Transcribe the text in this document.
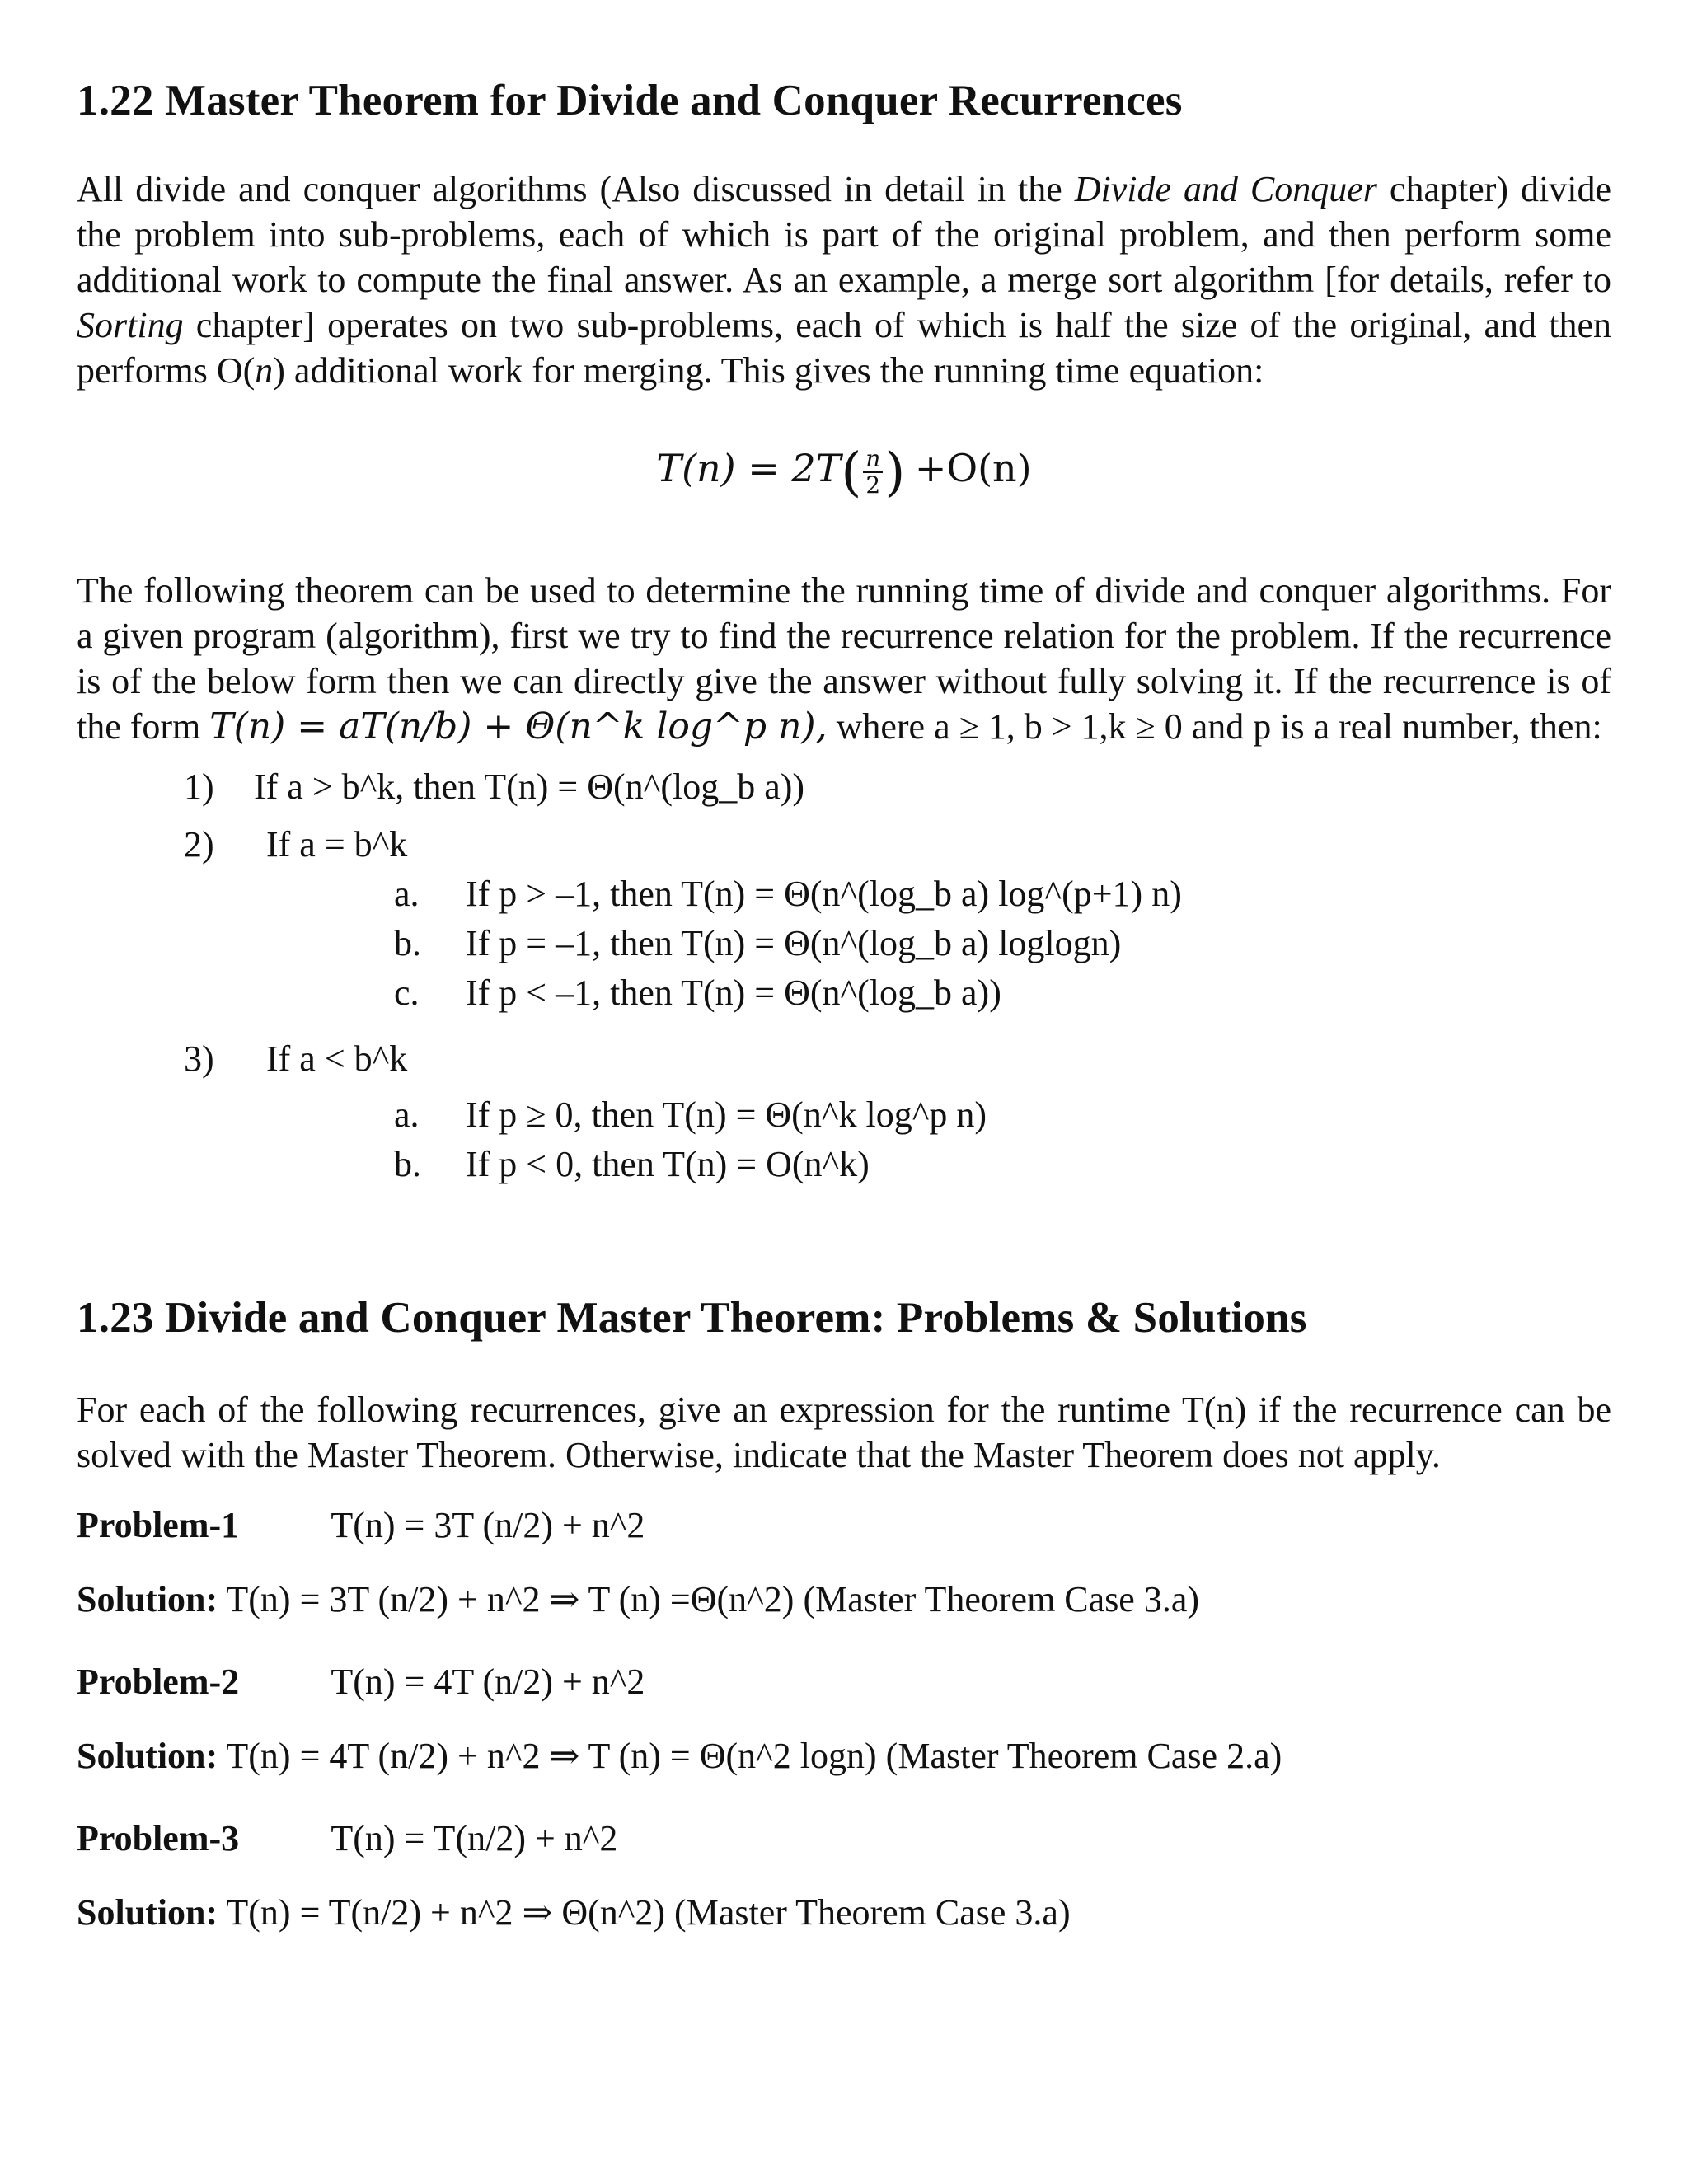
1.22 Master Theorem for Divide and Conquer Recurrences

All divide and conquer algorithms (Also discussed in detail in the Divide and Conquer chapter) divide the problem into sub-problems, each of which is part of the original problem, and then perform some additional work to compute the final answer. As an example, a merge sort algorithm [for details, refer to Sorting chapter] operates on two sub-problems, each of which is half the size of the original, and then performs O(n) additional work for merging. This gives the running time equation:

$T(n) = 2T( \frac{n}{2}$ ) +O(n)

The following theorem can be used to determine the running time of divide and conquer algorithms. For a given program (algorithm), first we try to find the recurrence relation for the problem. If the recurrence is of the below form then we can directly give the answer without fully solving it. If the recurrence is of the form T(n) = aT(n/b) + Θ(n^k log^p n), where a ≥ 1, b > 1,k ≥ 0 and p is a real number, then:

1) If a > b^k, then T(n) = Θ(n^(log_b a))
2) If a = b^k
a. If p > –1, then T(n) = Θ(n^(log_b a) log^(p+1) n)
b. If p = –1, then T(n) = Θ(n^(log_b a) loglogn)
c. If p < –1, then T(n) = Θ(n^(log_b a))
3) If a < b^k
a. If p ≥ 0, then T(n) = Θ(n^k log^p n)
b. If p < 0, then T(n) = O(n^k)
1.23 Divide and Conquer Master Theorem: Problems & Solutions

For each of the following recurrences, give an expression for the runtime T(n) if the recurrence can be solved with the Master Theorem. Otherwise, indicate that the Master Theorem does not apply.

Problem-1	T(n) = 3T (n/2) + n^2
Solution: T(n) = 3T (n/2) + n^2 ⇒ T (n) =Θ(n^2) (Master Theorem Case 3.a)
Problem-2	T(n) = 4T (n/2) + n^2
Solution: T(n) = 4T (n/2) + n^2 ⇒ T (n) = Θ(n^2 logn) (Master Theorem Case 2.a)
Problem-3	T(n) = T(n/2) + n^2
Solution: T(n) = T(n/2) + n^2 ⇒ Θ(n^2) (Master Theorem Case 3.a)
